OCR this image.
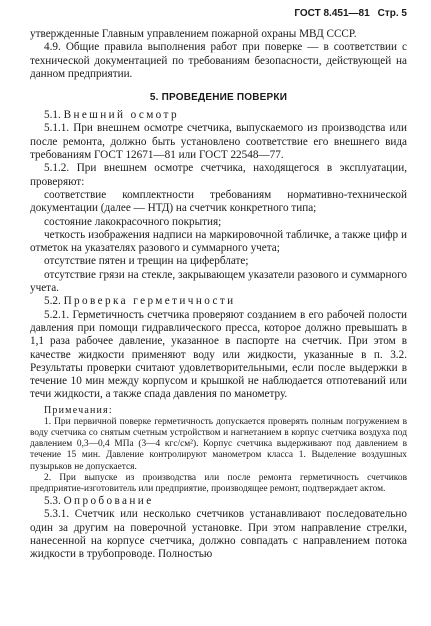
ГОСТ 8.451—81 Стр. 5

утвержденные Главным управлением пожарной охраны МВД СССР.

4.9. Общие правила выполнения работ при поверке — в соответствии с технической документацией по требованиям безопасности, действующей на данном предприятии.

5. ПРОВЕДЕНИЕ ПОВЕРКИ

5.1. Внешний осмотр

5.1.1. При внешнем осмотре счетчика, выпускаемого из производства или после ремонта, должно быть установлено соответствие его внешнего вида требованиям ГОСТ 12671—81 или ГОСТ 22548—77.

5.1.2. При внешнем осмотре счетчика, находящегося в эксплуатации, проверяют:

соответствие комплектности требованиям нормативно-технической документации (далее — НТД) на счетчик конкретного типа;

состояние лакокрасочного покрытия;

четкость изображения надписи на маркировочной табличке, а также цифр и отметок на указателях разового и суммарного учета;

отсутствие пятен и трещин на циферблате;

отсутствие грязи на стекле, закрывающем указатели разового и суммарного учета.

5.2. Проверка герметичности

5.2.1. Герметичность счетчика проверяют созданием в его рабочей полости давления при помощи гидравлического пресса, которое должно превышать в 1,1 раза рабочее давление, указанное в паспорте на счетчик. При этом в качестве жидкости применяют воду или жидкости, указанные в п. 3.2. Результаты проверки считают удовлетворительными, если после выдержки в течение 10 мин между корпусом и крышкой не наблюдается отпотеваний или течи жидкости, а также спада давления по манометру.

Примечания:

1. При первичной поверке герметичность допускается проверять полным погружением в воду счетчика со снятым счетным устройством и нагнетанием в корпус счетчика воздуха под давлением 0,3—0,4 МПа (3—4 кгс/см²). Корпус счетчика выдерживают под давлением в течение 15 мин. Давление контролируют манометром класса 1. Выделение воздушных пузырьков не допускается.

2. При выпуске из производства или после ремонта герметичность счетчиков предприятие-изготовитель или предприятие, производящее ремонт, подтверждает актом.

5.3. Опробование

5.3.1. Счетчик или несколько счетчиков устанавливают последовательно один за другим на поверочной установке. При этом направление стрелки, нанесенной на корпусе счетчика, должно совпадать с направлением потока жидкости в трубопроводе. Полностью
